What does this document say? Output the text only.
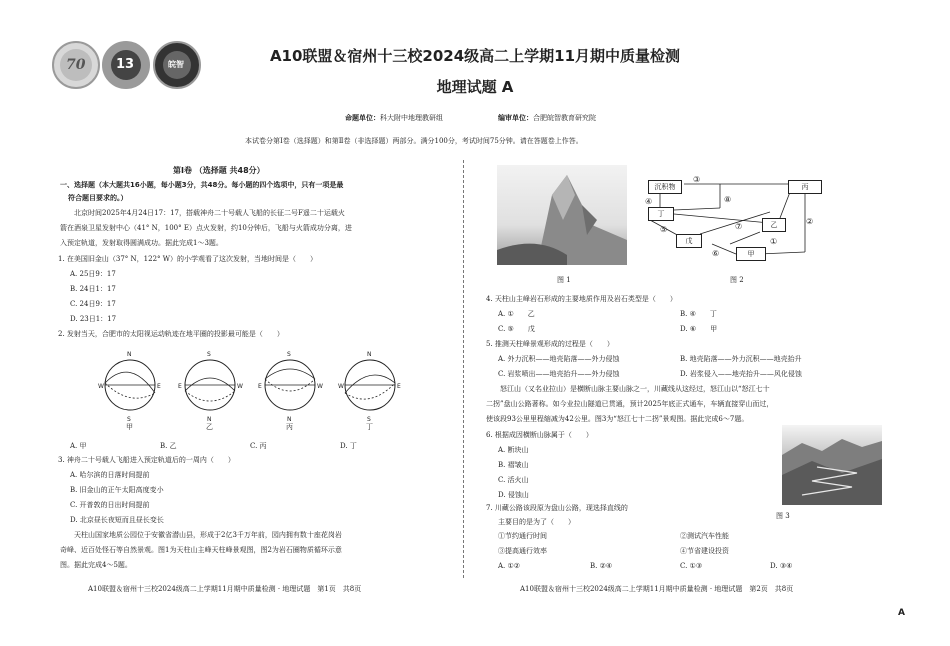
70 13	皖智	A10联盟＆宿州十三校2024级高二上学期11月期中质量检测
地理试题 A
命题单位：科大附中地理教研组	编审单位：合肥皖智教育研究院
本试卷分第Ⅰ卷（选择题）和第Ⅱ卷（非选择题）两部分。满分100分，考试时间75分钟。请在答题卷上作答。
第Ⅰ卷 （选择题 共48分）
一、选择题（本大题共16小题，每小题3分，共48分。每小题的四个选项中，只有一项是最
符合题目要求的。）
北京时间2025年4月24日17：17，搭载神舟二十号载人飞船的长征二号F遥二十运载火
箭在酒泉卫星发射中心（41° N，100° E）点火发射，约10分钟后，飞船与火箭成功分离，进
入预定轨道，发射取得圆满成功。据此完成1～3题。
1. 在美国旧金山（37° N，122° W）的小学观看了这次发射，当地时间是（　　）
A. 25日9：17
B. 24日1：17
C. 24日9：17
D. 23日1：17
2. 发射当天，合肥市的太阳视运动轨迹在地平圈的投影最可能是（　　）
N
S
W	E
S
N
E	W
S
N
E	W
N
S
W	E
甲	乙	丙	丁
A. 甲	B. 乙	C. 丙	D. 丁
3. 神舟二十号载人飞船进入预定轨道后的一周内（　　）
A. 哈尔滨的日落时间提前
B. 旧金山的正午太阳高度变小
C. 开普敦的日出时间提前
D. 北京昼长夜短而且昼长变长
天柱山国家地质公园位于安徽省潜山县，形成于2亿3千万年前，园内拥有数十座花岗岩
奇峰、近百处怪石等自然景观。图1为天柱山主峰天柱峰景观图，图2为岩石圈物质循环示意
图。据此完成4～5题。
A10联盟＆宿州十三校2024级高二上学期11月期中质量检测 · 地理试题　第1页　共8页
图 1
③
④	⑧
⑤	⑦
②
①
⑥
沉积物	丙
丁
乙
戊
甲
图 2
4. 天柱山主峰岩石形成的主要地质作用及岩石类型是（　　）
A. ①　　乙	B. ④　　丁
C. ⑤　　戊	D. ⑥　　甲
5. 推测天柱峰景观形成的过程是（　　）
A. 外力沉积——地壳陷落——外力侵蚀	B. 地壳陷落——外力沉积——地壳抬升
C. 岩浆喷出——地壳抬升——外力侵蚀	D. 岩浆侵入——地壳抬升——风化侵蚀
怒江山（又名业拉山）是横断山脉主要山脉之一，川藏线从这经过，怒江山以“怒江七十
二拐”盘山公路著称。如今业拉山隧道已贯通，预计2025年底正式通车，车辆直接穿山而过，
使该段93公里里程缩减为42公里。图3为“怒江七十二拐”景观图。据此完成6～7题。
6. 根据成因横断山脉属于（　　）
A. 断块山
B. 褶皱山
C. 活火山
D. 侵蚀山
图 3
7. 川藏公路该段原为盘山公路，现选择直线的
主要目的是为了（　　）
①节约通行时间	②测试汽车性能
③提高通行效率	④节省建设投资
A. ①②	B. ②④	C. ①③	D. ③④
A10联盟＆宿州十三校2024级高二上学期11月期中质量检测 · 地理试题　第2页　共8页
A
